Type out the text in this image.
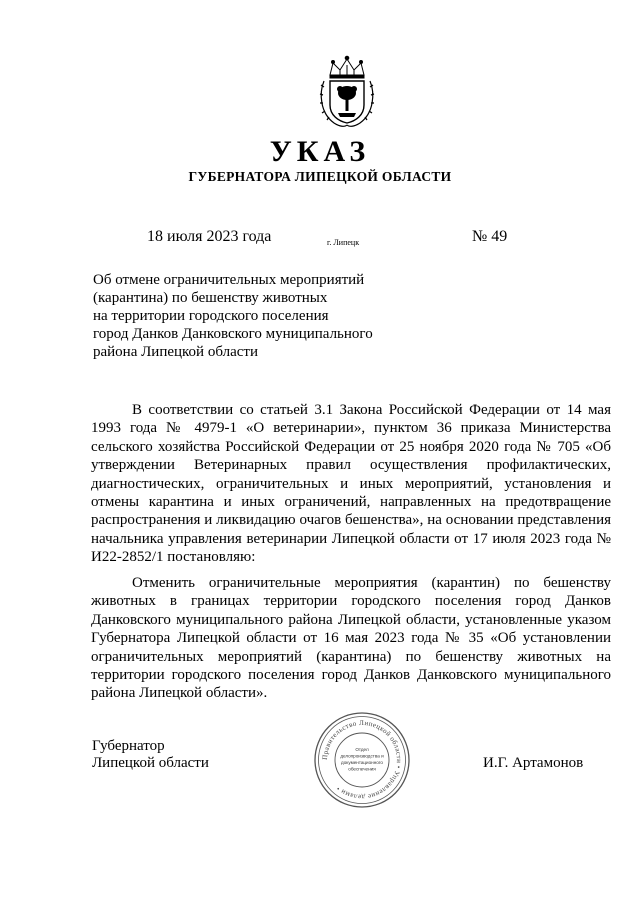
УКАЗ
ГУБЕРНАТОРА ЛИПЕЦКОЙ ОБЛАСТИ
18 июля 2023 года	г. Липецк	№ 49
Об отмене ограничительных мероприятий
(карантина) по бешенству животных
на территории городского поселения
город Данков Данковского муниципального
района Липецкой области
В соответствии со статьей 3.1 Закона Российской Федерации от 14 мая 1993 года № 4979-1 «О ветеринарии», пунктом 36 приказа Министерства сельского хозяйства Российской Федерации от 25 ноября 2020 года № 705 «Об утверждении Ветеринарных правил осуществления профилактических, диагностических, ограничительных и иных мероприятий, установления и отмены карантина и иных ограничений, направленных на предотвращение распространения и ликвидацию очагов бешенства», на основании представления начальника управления ветеринарии Липецкой области от 17 июля 2023 года № И22-2852/1 постановляю:
Отменить ограничительные мероприятия (карантин) по бешенству животных в границах территории городского поселения город Данков Данковского муниципального района Липецкой области, установленные указом Губернатора Липецкой области от 16 мая 2023 года № 35 «Об установлении ограничительных мероприятий (карантина) по бешенству животных на территории городского поселения город Данков Данковского муниципального района Липецкой области».
Губернатор
Липецкой области	И.Г. Артамонов
Правительство Липецкой области • Управление делами •
Отдел
делопроизводства и
документационного
обеспечения
